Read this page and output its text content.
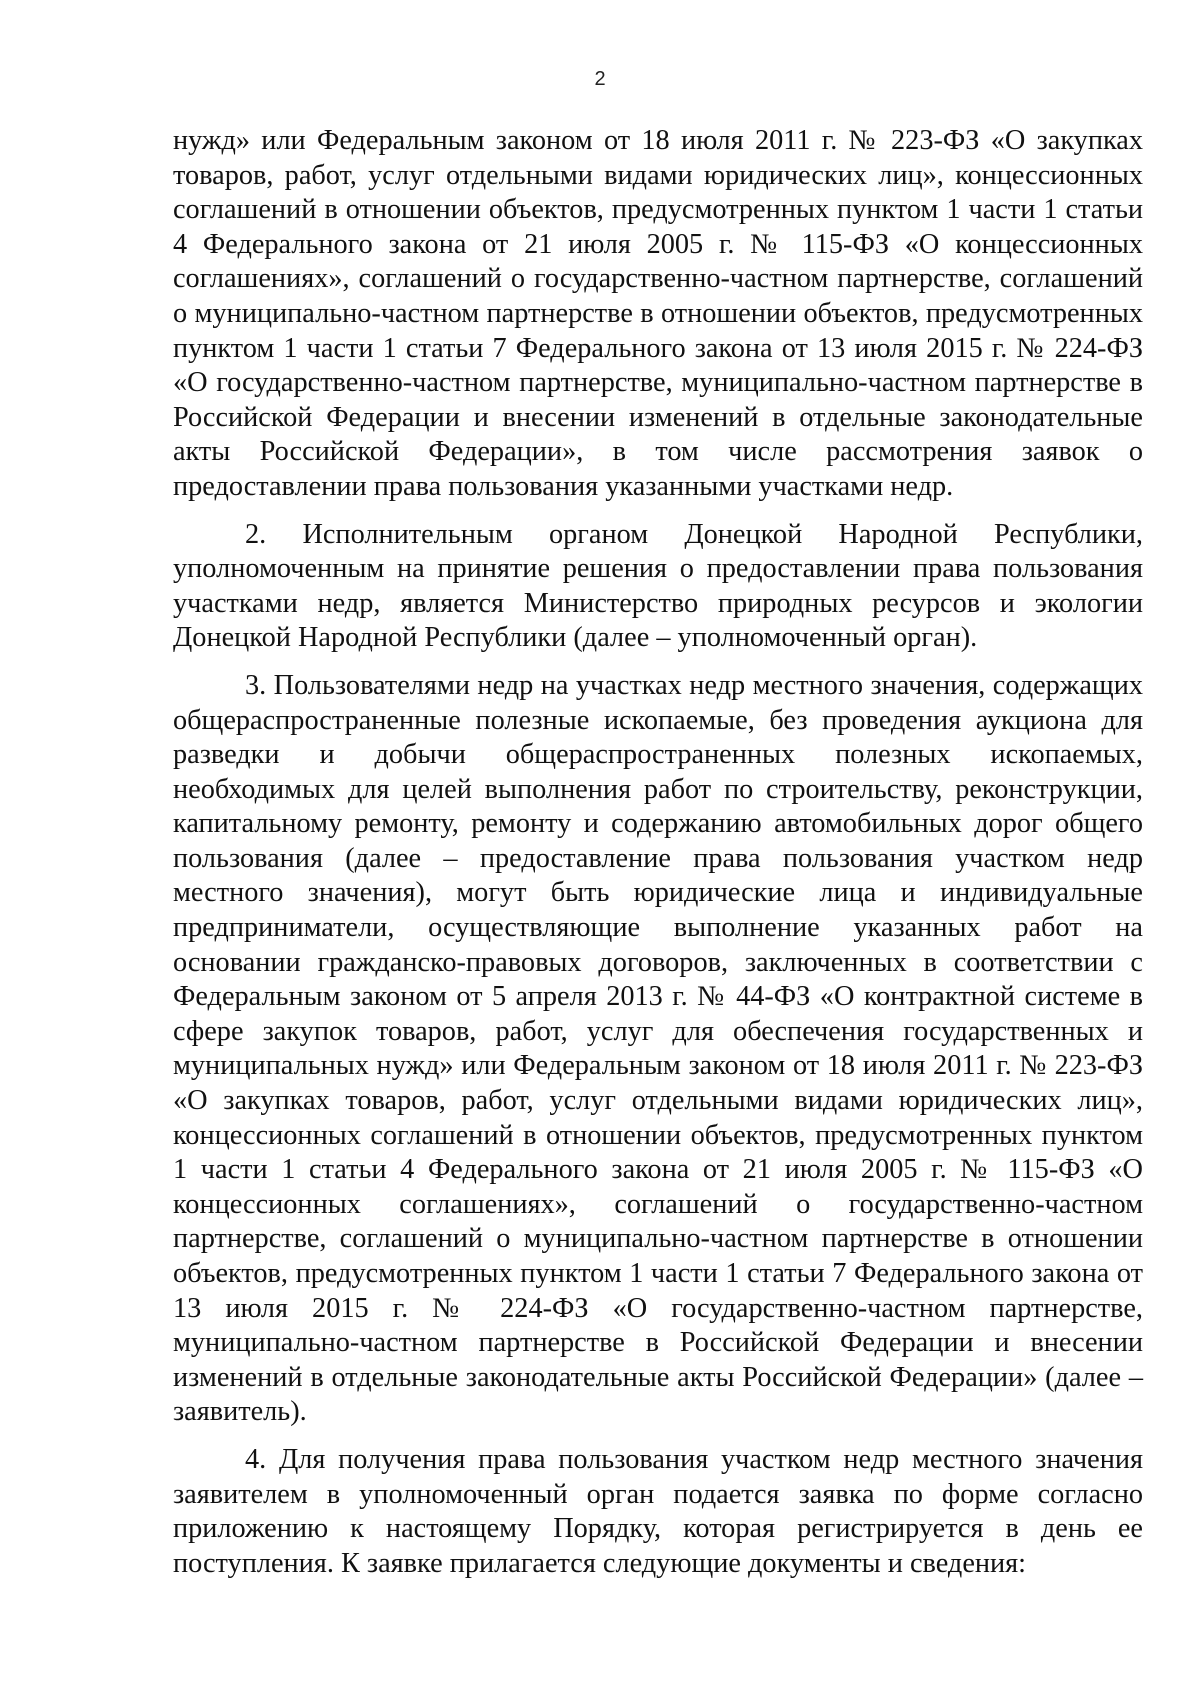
2

нужд» или Федеральным законом от 18 июля 2011 г. № 223-ФЗ «О закупках товаров, работ, услуг отдельными видами юридических лиц», концессионных соглашений в отношении объектов, предусмотренных пунктом 1 части 1 статьи 4 Федерального закона от 21 июля 2005 г. № 115-ФЗ «О концессионных соглашениях», соглашений о государственно-частном партнерстве, соглашений о муниципально-частном партнерстве в отношении объектов, предусмотренных пунктом 1 части 1 статьи 7 Федерального закона от 13 июля 2015 г. № 224-ФЗ «О государственно-частном партнерстве, муниципально-частном партнерстве в Российской Федерации и внесении изменений в отдельные законодательные акты Российской Федерации», в том числе рассмотрения заявок о предоставлении права пользования указанными участками недр.

2. Исполнительным органом Донецкой Народной Республики, уполномоченным на принятие решения о предоставлении права пользования участками недр, является Министерство природных ресурсов и экологии Донецкой Народной Республики (далее – уполномоченный орган).

3. Пользователями недр на участках недр местного значения, содержащих общераспространенные полезные ископаемые, без проведения аукциона для разведки и добычи общераспространенных полезных ископаемых, необходимых для целей выполнения работ по строительству, реконструкции, капитальному ремонту, ремонту и содержанию автомобильных дорог общего пользования (далее – предоставление права пользования участком недр местного значения), могут быть юридические лица и индивидуальные предприниматели, осуществляющие выполнение указанных работ на основании гражданско-правовых договоров, заключенных в соответствии с Федеральным законом от 5 апреля 2013 г. № 44-ФЗ «О контрактной системе в сфере закупок товаров, работ, услуг для обеспечения государственных и муниципальных нужд» или Федеральным законом от 18 июля 2011 г. № 223-ФЗ «О закупках товаров, работ, услуг отдельными видами юридических лиц», концессионных соглашений в отношении объектов, предусмотренных пунктом 1 части 1 статьи 4 Федерального закона от 21 июля 2005 г. № 115-ФЗ «О концессионных соглашениях», соглашений о государственно-частном партнерстве, соглашений о муниципально-частном партнерстве в отношении объектов, предусмотренных пунктом 1 части 1 статьи 7 Федерального закона от 13 июля 2015 г. № 224-ФЗ «О государственно-частном партнерстве, муниципально-частном партнерстве в Российской Федерации и внесении изменений в отдельные законодательные акты Российской Федерации» (далее – заявитель).

4. Для получения права пользования участком недр местного значения заявителем в уполномоченный орган подается заявка по форме согласно приложению к настоящему Порядку, которая регистрируется в день ее поступления. К заявке прилагается следующие документы и сведения:
